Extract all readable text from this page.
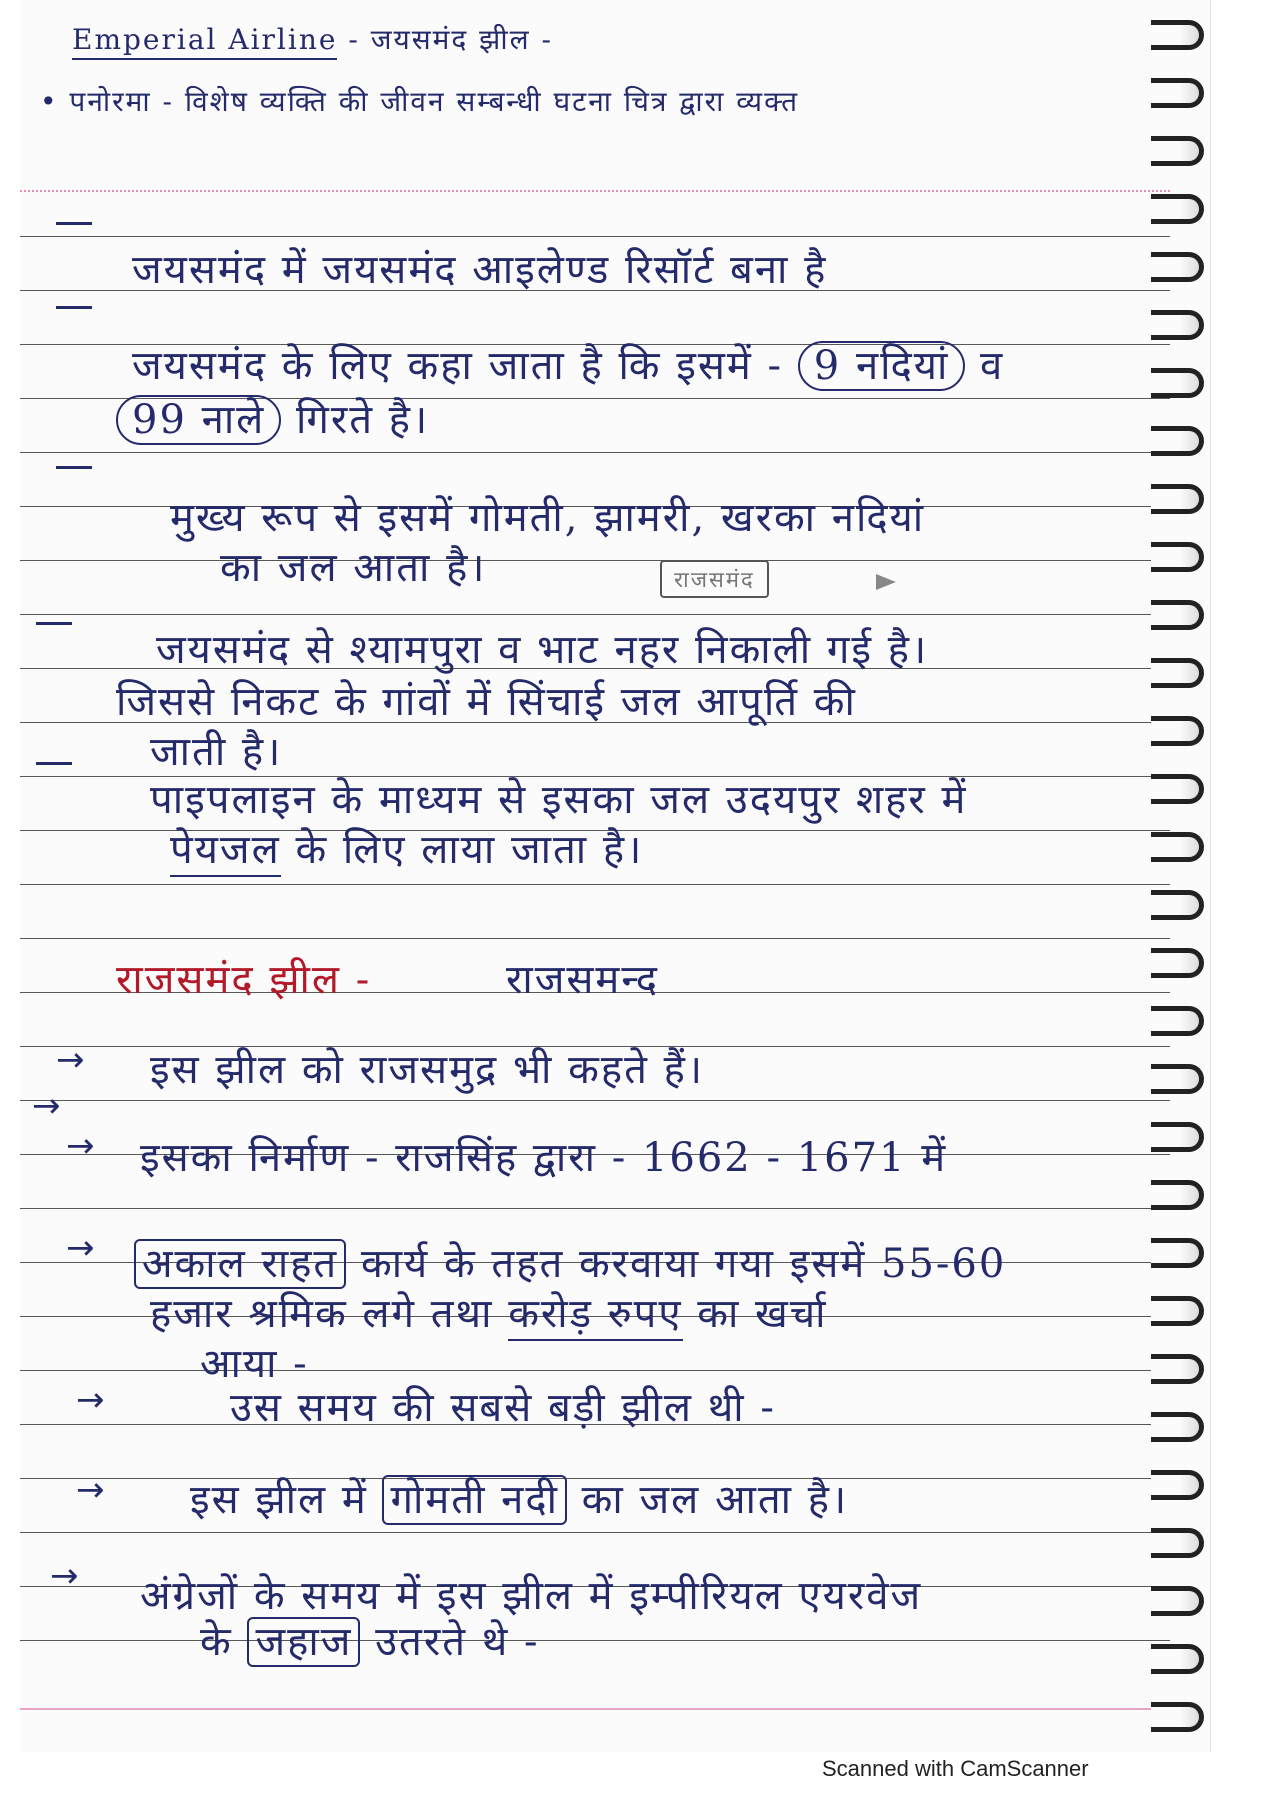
Emperial Airline - जयसमंद झील -
• पनोरमा - विशेष व्यक्ति की जीवन सम्बन्धी घटना चित्र द्वारा व्यक्त

जयसमंद में जयसमंद आइलेण्ड रिसॉर्ट बना है

जयसमंद के लिए कहा जाता है कि इसमें - 9 नदियां व
99 नाले गिरते है।

मुख्य रूप से इसमें गोमती, झामरी, खरका नदियां

का जल आता है।	राजसमंद

जयसमंद से श्यामपुरा व भाट नहर निकाली गई है।

जिससे निकट के गांवों में सिंचाई जल आपूर्ति की

जाती है।

पाइपलाइन के माध्यम से इसका जल उदयपुर शहर में

पेयजल के लिए लाया जाता है।
राजसमंद झील -	राजसमन्द
→
→

इस झील को राजसमुद्र भी कहते हैं।

→ इसका निर्माण - राजसिंह द्वारा - 1662 - 1671 में

→ अकाल राहत कार्य के तहत करवाया गया इसमें 55-60
हजार श्रमिक लगे तथा करोड़ रुपए का खर्चा

आया -

→	उस समय की सबसे बड़ी झील थी -

→ इस झील में गोमती नदी का जल आता है।
→ अंग्रेजों के समय में इस झील में इम्पीरियल एयरवेज

के जहाज उतरते थे -
Scanned with CamScanner
